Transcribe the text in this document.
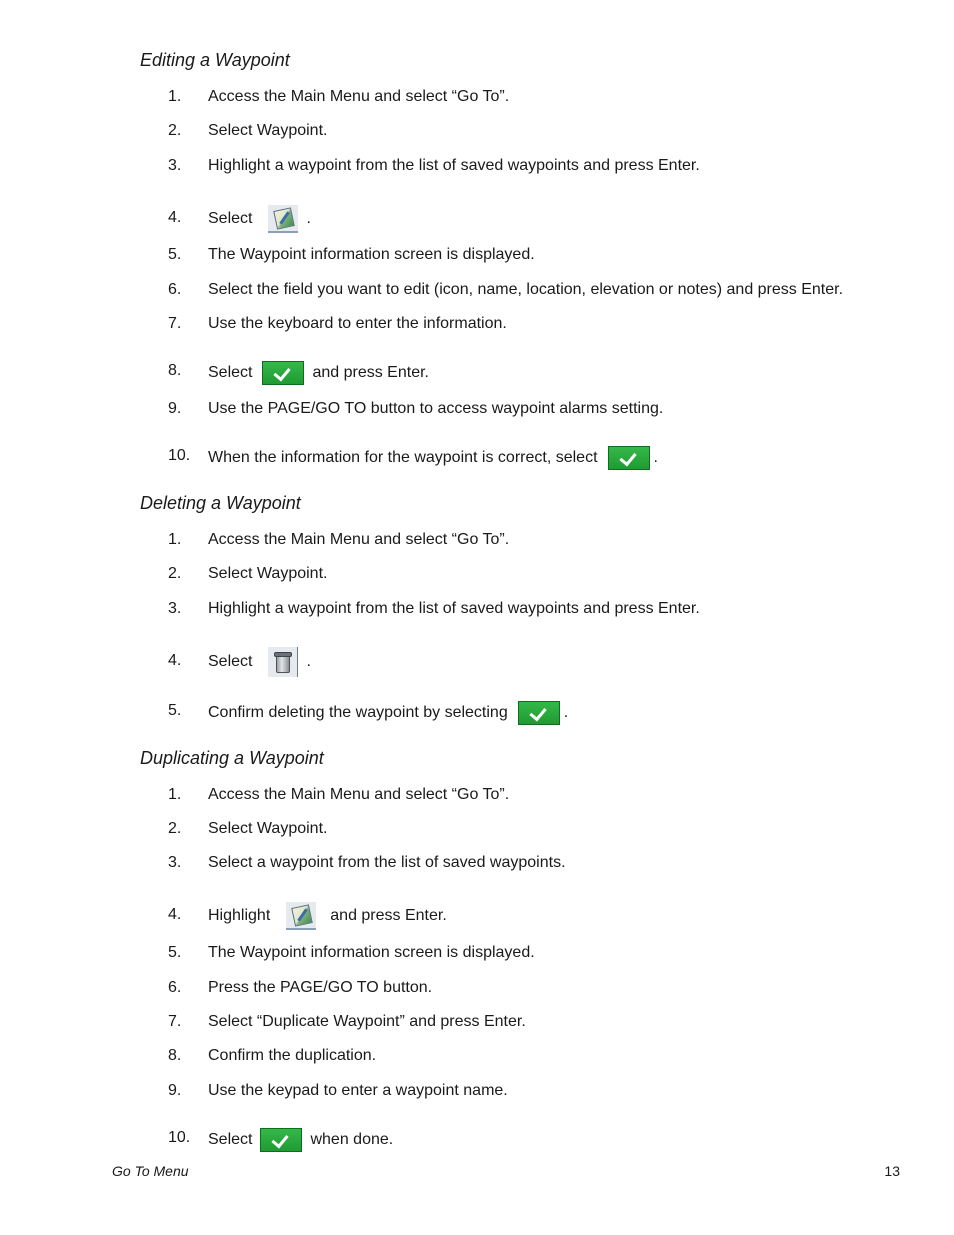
Editing a Waypoint
1. Access the Main Menu and select “Go To”.
2. Select Waypoint.
3. Highlight a waypoint from the list of saved waypoints and press Enter.
4. Select	.
5. The Waypoint information screen is displayed.
6. Select the field you want to edit (icon, name, location, elevation or notes) and press Enter.
7. Use the keyboard to enter the information.
8. Select	and press Enter.
9. Use the PAGE/GO TO button to access waypoint alarms setting.
10. When the information for the waypoint is correct, select	.
Deleting a Waypoint
1. Access the Main Menu and select “Go To”.
2. Select Waypoint.
3. Highlight a waypoint from the list of saved waypoints and press Enter.
4. Select	.
5. Confirm deleting the waypoint by selecting	.
Duplicating a Waypoint
1. Access the Main Menu and select “Go To”.
2. Select Waypoint.
3. Select a waypoint from the list of saved waypoints.
4. Highlight	and press Enter.
5. The Waypoint information screen is displayed.
6. Press the PAGE/GO TO button.
7. Select “Duplicate Waypoint” and press Enter.
8. Confirm the duplication.
9. Use the keypad to enter a waypoint name.
10. Select	when done.
Go To Menu	13
